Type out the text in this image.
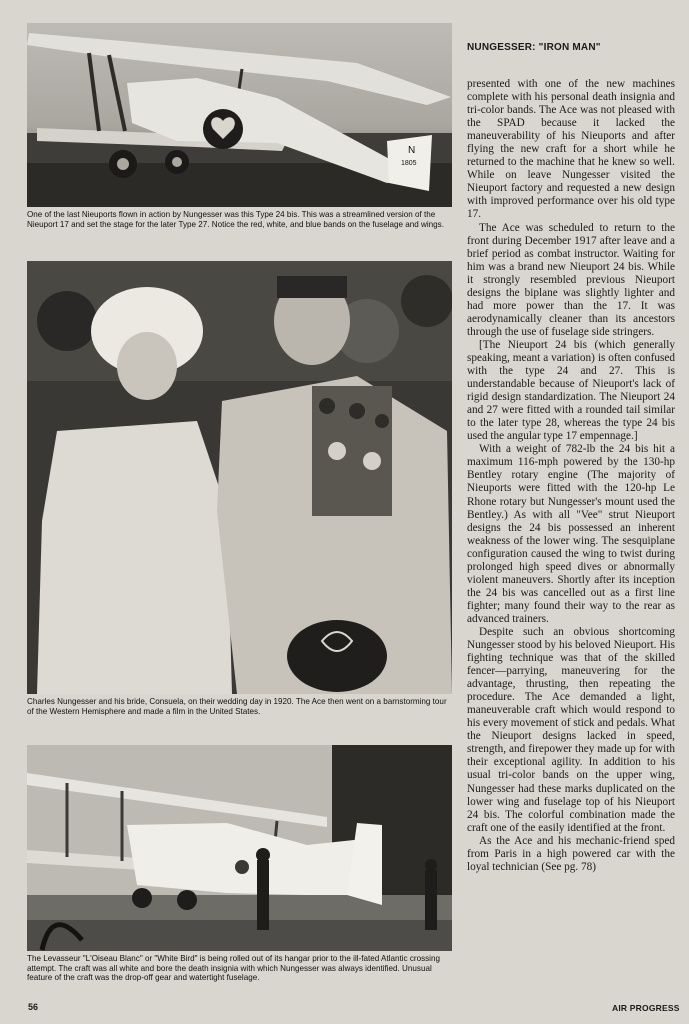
NUNGESSER: "IRON MAN"
N
1805
One of the last Nieuports flown in action by Nungesser was this Type 24 bis. This was a streamlined version of the Nieuport 17 and set the stage for the later Type 27. Notice the red, white, and blue bands on the fuselage and wings.
Charles Nungesser and his bride, Consuela, on their wedding day in 1920. The Ace then went on a barnstorming tour of the Western Hemisphere and made a film in the United States.
The Levasseur "L'Oiseau Blanc" or "White Bird" is being rolled out of its hangar prior to the ill-fated Atlantic crossing attempt. The craft was all white and bore the death insignia with which Nungesser was always identified. Unusual feature of the craft was the drop-off gear and watertight fuselage.

presented with one of the new machines complete with his personal death insignia and tri-color bands. The Ace was not pleased with the SPAD because it lacked the maneuverability of his Nieuports and after flying the new craft for a short while he returned to the machine that he knew so well. While on leave Nungesser visited the Nieuport factory and requested a new design with improved performance over his old type 17.

The Ace was scheduled to return to the front during December 1917 after leave and a brief period as combat instructor. Waiting for him was a brand new Nieuport 24 bis. While it strongly resembled previous Nieuport designs the biplane was slightly lighter and had more power than the 17. It was aerodynamically cleaner than its ancestors through the use of fuselage side stringers.

[The Nieuport 24 bis (which generally speaking, meant a variation) is often confused with the type 24 and 27. This is understandable because of Nieuport's lack of rigid design standardization. The Nieuport 24 and 27 were fitted with a rounded tail similar to the later type 28, whereas the type 24 bis used the angular type 17 empennage.]

With a weight of 782-lb the 24 bis hit a maximum 116-mph powered by the 130-hp Bentley rotary engine (The majority of Nieuports were fitted with the 120-hp Le Rhone rotary but Nungesser's mount used the Bentley.) As with all "Vee" strut Nieuport designs the 24 bis possessed an inherent weakness of the lower wing. The sesquiplane configuration caused the wing to twist during prolonged high speed dives or abnormally violent maneuvers. Shortly after its inception the 24 bis was cancelled out as a first line fighter; many found their way to the rear as advanced trainers.

Despite such an obvious shortcoming Nungesser stood by his beloved Nieuport. His fighting technique was that of the skilled fencer—parrying, maneuvering for the advantage, thrusting, then repeating the procedure. The Ace demanded a light, maneuverable craft which would respond to his every movement of stick and pedals. What the Nieuport designs lacked in speed, strength, and firepower they made up for with their exceptional agility. In addition to his usual tri-color bands on the upper wing, Nungesser had these marks duplicated on the lower wing and fuselage top of his Nieuport 24 bis. The colorful combination made the craft one of the easily identified at the front.

As the Ace and his mechanic-friend sped from Paris in a high powered car with the loyal technician (See pg. 78)

56	AIR PROGRESS
